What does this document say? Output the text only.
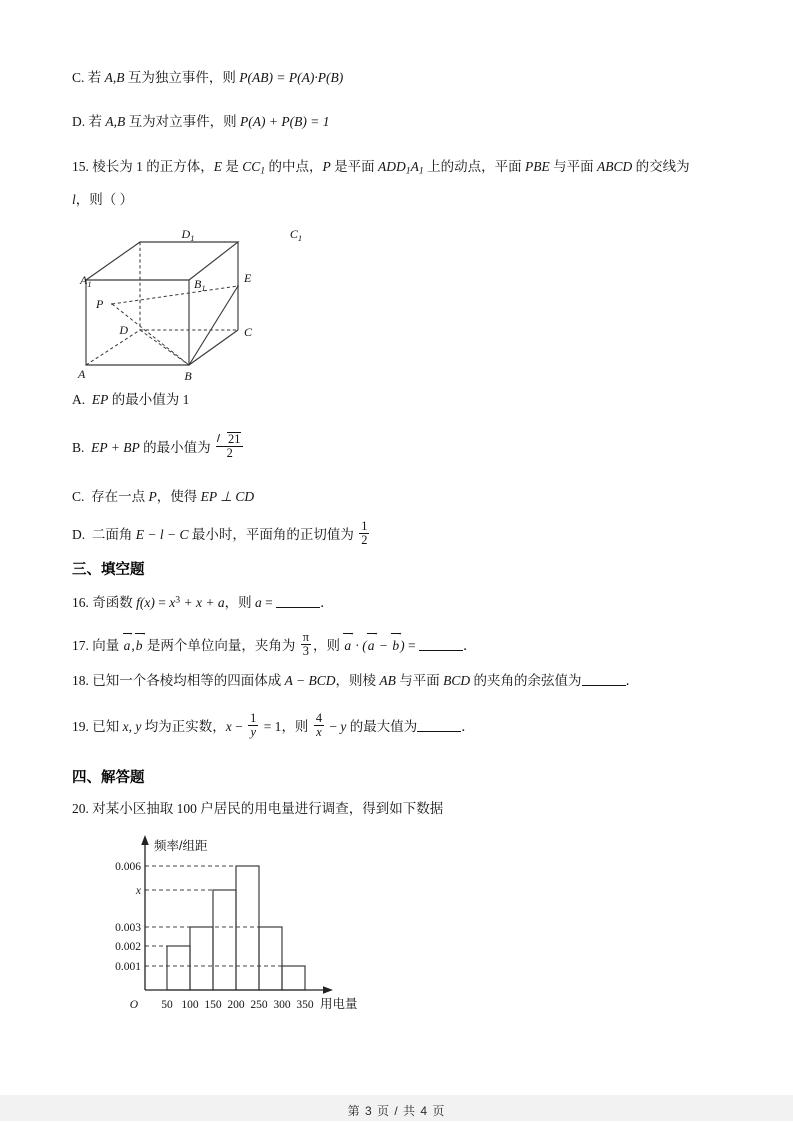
C. 若 A,B 互为独立事件，则 P(AB) = P(A)·P(B)
D. 若 A,B 互为对立事件，则 P(A) + P(B) = 1
15. 棱长为 1 的正方体，E 是 $CC_1$ 的中点，P 是平面 $ADD_1A_1$ 上的动点，平面 PBE 与平面 ABCD 的交线为
l，则（ ）
$D_1$	$C_1$
$A_1$	$B_1$
E
P
D	C
A	B
A. EP 的最小值为 1
B. EP + BP 的最小值为 $\frac{21}{2}$
C. 存在一点 P，使得 EP ⊥ CD
D. 二面角 E − l − C 最小时，平面角的正切值为 $\frac{1}{2}$
三、填空题
16. 奇函数 $f(x) = x^3 + x + a$，则 a =	．
17. 向量 a,b 是两个单位向量，夹角为 $\frac{\pi}{3}$ ，则 a · (a − b) =	．
18. 已知一个各棱均相等的四面体成 A − BCD，则棱 AB 与平面 BCD 的夹角的余弦值为	．
19. 已知 x, y 均为正实数，$x - \frac{1}{y} = 1$，则 $\frac{4}{x} - y$ 的最大值为	．
四、解答题
20. 对某小区抽取 100 户居民的用电量进行调查，得到如下数据
0.006
x
0.003
0.002
0.001
频率/组距
O 50 100 150 200 250 300 350 用电量
第 3 页 / 共 4 页
